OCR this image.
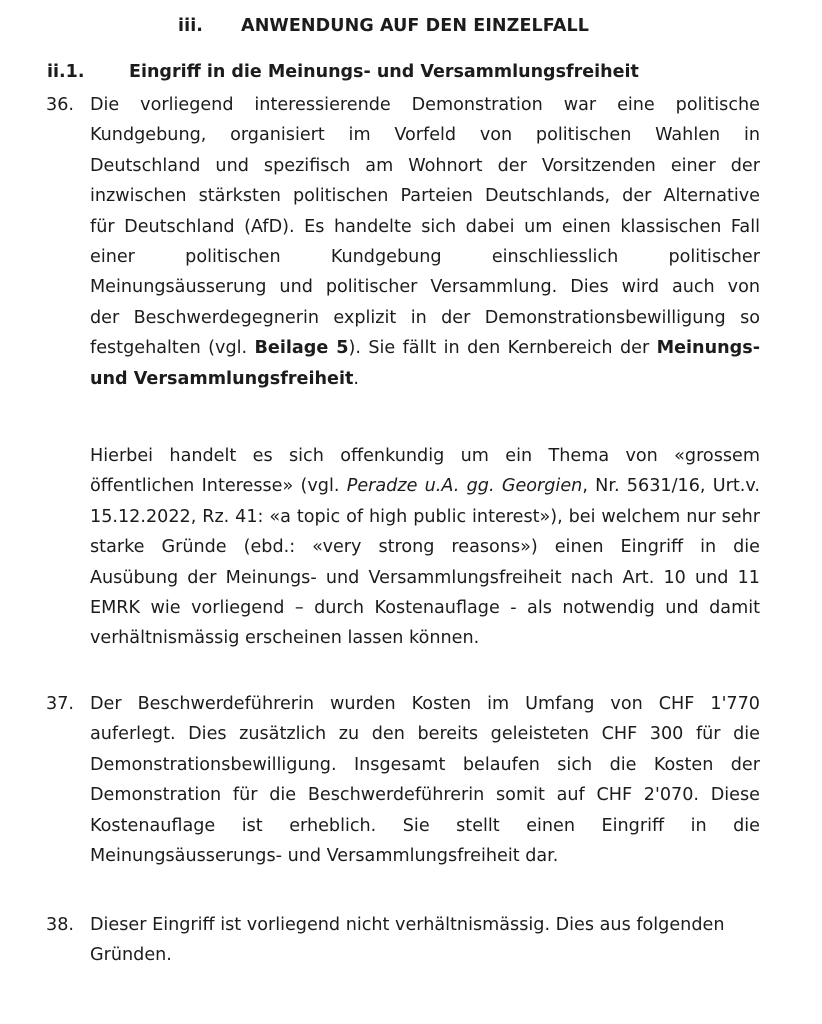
iii. ANWENDUNG AUF DEN EINZELFALL
ii.1.	Eingriff in die Meinungs- und Versammlungsfreiheit
36. Die vorliegend interessierende Demonstration war eine politische
Kundgebung, organisiert im Vorfeld von politischen Wahlen in
Deutschland und spezifisch am Wohnort der Vorsitzenden einer der
inzwischen stärksten politischen Parteien Deutschlands, der Alternative
für Deutschland (AfD). Es handelte sich dabei um einen klassischen Fall
einer politischen Kundgebung einschliesslich politischer
Meinungsäusserung und politischer Versammlung. Dies wird auch von
der Beschwerdegegnerin explizit in der Demonstrationsbewilligung so
festgehalten (vgl. Beilage 5). Sie fällt in den Kernbereich der Meinungs-
und Versammlungsfreiheit.
Hierbei handelt es sich offenkundig um ein Thema von «grossem
öffentlichen Interesse» (vgl. Peradze u.A. gg. Georgien, Nr. 5631/16, Urt.v.
15.12.2022, Rz. 41: «a topic of high public interest»), bei welchem nur sehr
starke Gründe (ebd.: «very strong reasons») einen Eingriff in die
Ausübung der Meinungs- und Versammlungsfreiheit nach Art. 10 und 11
EMRK wie vorliegend – durch Kostenauflage - als notwendig und damit
verhältnismässig erscheinen lassen können.
37. Der Beschwerdeführerin wurden Kosten im Umfang von CHF 1'770
auferlegt. Dies zusätzlich zu den bereits geleisteten CHF 300 für die
Demonstrationsbewilligung. Insgesamt belaufen sich die Kosten der
Demonstration für die Beschwerdeführerin somit auf CHF 2'070. Diese
Kostenauflage ist erheblich. Sie stellt einen Eingriff in die
Meinungsäusserungs- und Versammlungsfreiheit dar.
38. Dieser Eingriff ist vorliegend nicht verhältnismässig. Dies aus folgenden
Gründen.
